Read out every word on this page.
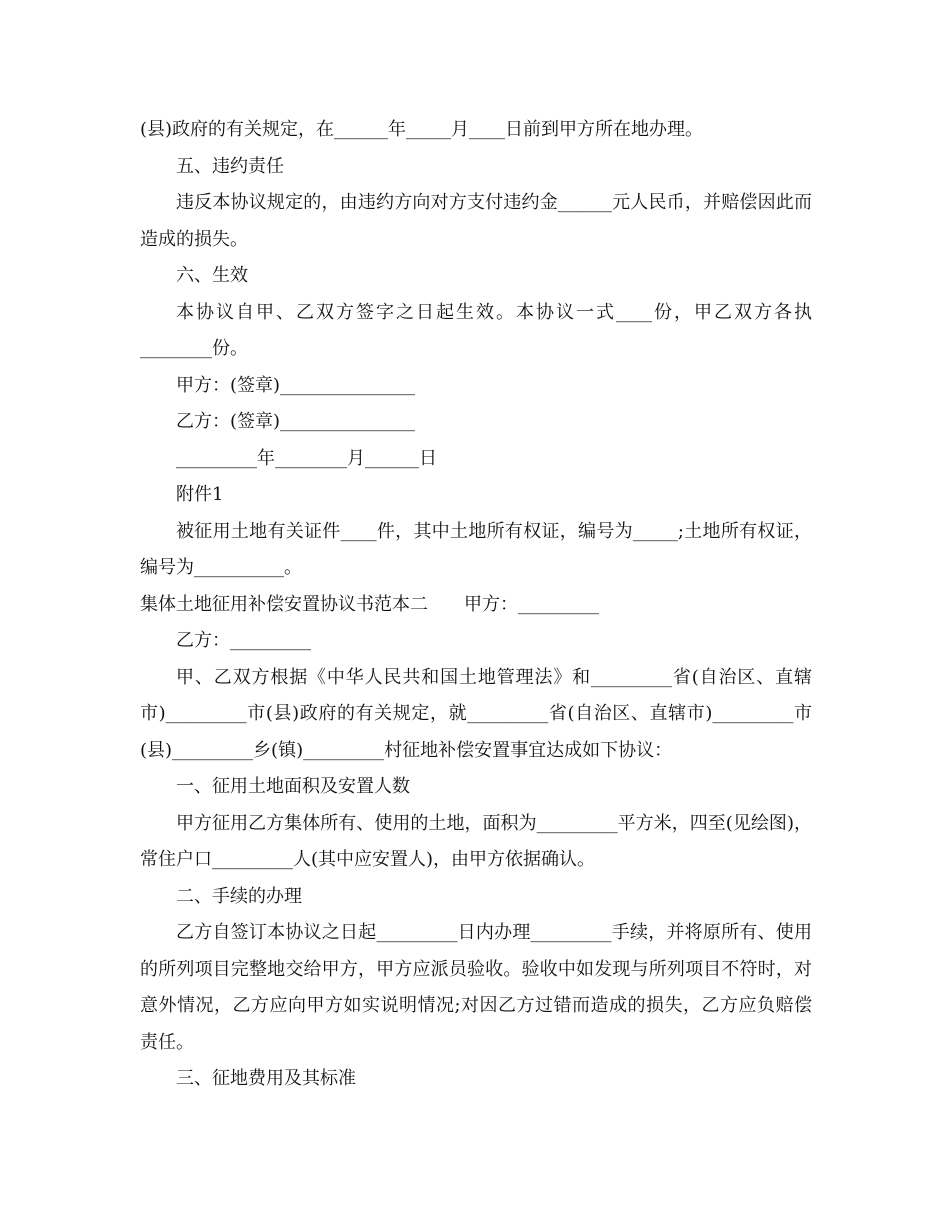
(县)政府的有关规定，在______年_____月____日前到甲方所在地办理。

五、违约责任

违反本协议规定的，由违约方向对方支付违约金______元人民币，并赔偿因此而造成的损失。

六、生效

本协议自甲、乙双方签字之日起生效。本协议一式____份，甲乙双方各执________份。

甲方：(签章)_______________

乙方：(签章)_______________

_________年________月______日

附件1

被征用土地有关证件____件，其中土地所有权证，编号为_____;土地所有权证，编号为__________。

集体土地征用补偿安置协议书范本二　　甲方：_________

乙方：_________

甲、乙双方根据《中华人民共和国土地管理法》和_________省(自治区、直辖市)_________市(县)政府的有关规定，就_________省(自治区、直辖市)_________市(县)_________乡(镇)_________村征地补偿安置事宜达成如下协议：

一、征用土地面积及安置人数

甲方征用乙方集体所有、使用的土地，面积为_________平方米，四至(见绘图)，常住户口_________人(其中应安置人)，由甲方依据确认。

二、手续的办理

乙方自签订本协议之日起_________日内办理_________手续，并将原所有、使用的所列项目完整地交给甲方，甲方应派员验收。验收中如发现与所列项目不符时，对意外情况，乙方应向甲方如实说明情况;对因乙方过错而造成的损失，乙方应负赔偿责任。

三、征地费用及其标准
